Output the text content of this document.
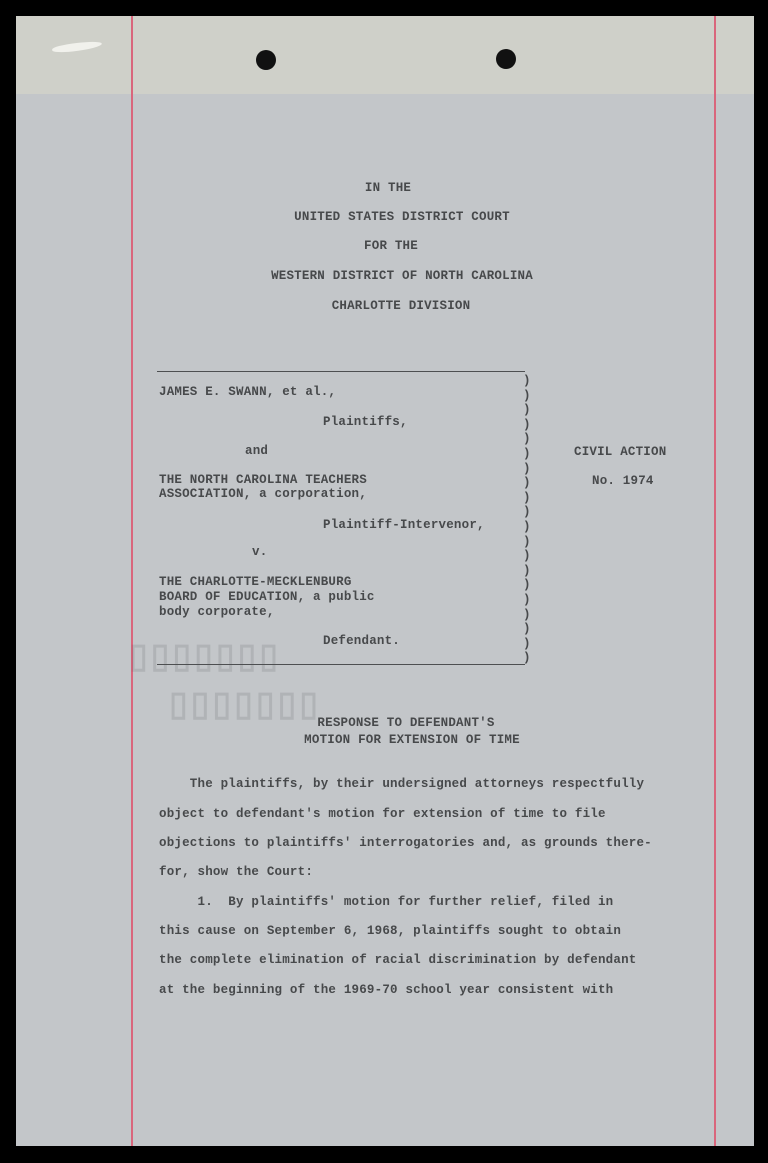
▯▯▯▯▯▯▯
▯▯▯▯▯▯▯
IN THE
UNITED STATES DISTRICT COURT
FOR THE
WESTERN DISTRICT OF NORTH CAROLINA
CHARLOTTE DIVISION
)
)
)
)
)
)
)
)
)
)
)
)
)
)
)
)
)
)
)
)
JAMES E. SWANN, et al.,
Plaintiffs,
and
THE NORTH CAROLINA TEACHERS
ASSOCIATION, a corporation,
Plaintiff-Intervenor,
v.
THE CHARLOTTE-MECKLENBURG
BOARD OF EDUCATION, a public
body corporate,
Defendant.
CIVIL ACTION
No. 1974
RESPONSE TO DEFENDANT'S
MOTION FOR EXTENSION OF TIME
The plaintiffs, by their undersigned attorneys respectfully
object to defendant's motion for extension of time to file
objections to plaintiffs' interrogatories and, as grounds there-
for, show the Court:
1.  By plaintiffs' motion for further relief, filed in
this cause on September 6, 1968, plaintiffs sought to obtain
the complete elimination of racial discrimination by defendant
at the beginning of the 1969-70 school year consistent with
